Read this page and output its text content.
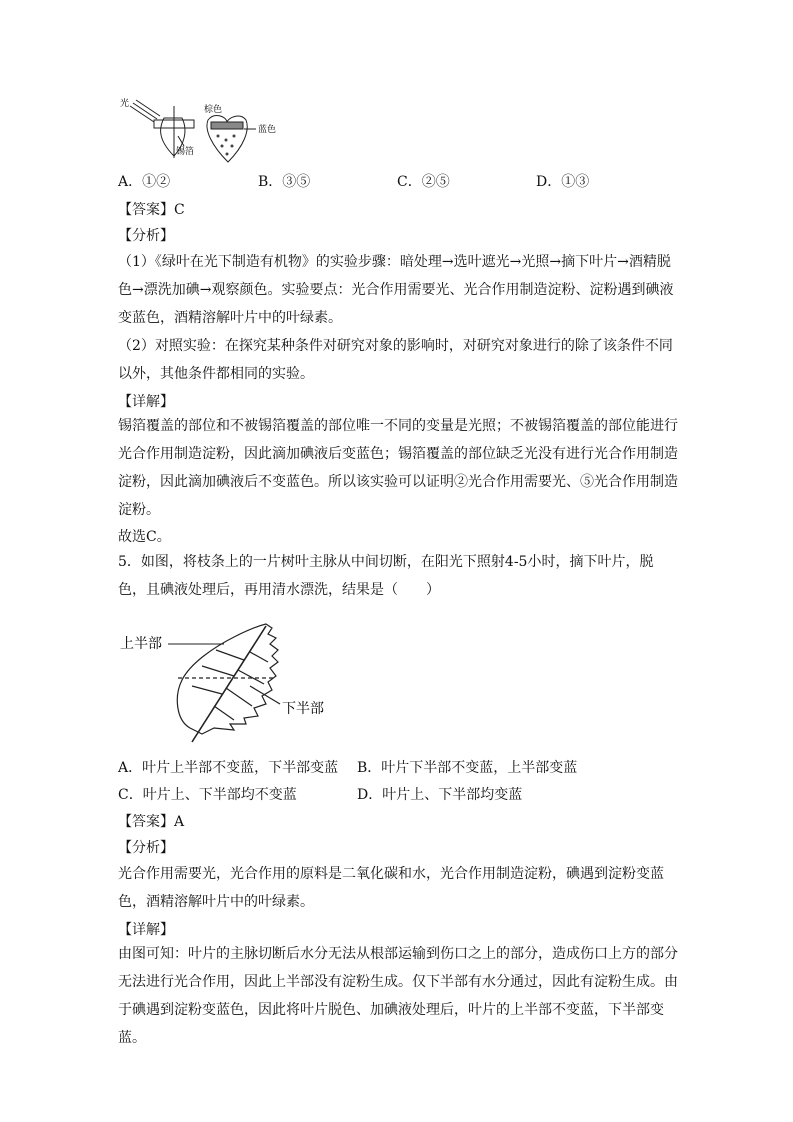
光
锡箔
棕色
蓝色
A．①②	B．③⑤	C．②⑤	D．①③
【答案】C
【分析】
（1）《绿叶在光下制造有机物》的实验步骤：暗处理→选叶遮光→光照→摘下叶片→酒精脱色→漂洗加碘→观察颜色。实验要点：光合作用需要光、光合作用制造淀粉、淀粉遇到碘液变蓝色，酒精溶解叶片中的叶绿素。
（2）对照实验：在探究某种条件对研究对象的影响时，对研究对象进行的除了该条件不同以外，其他条件都相同的实验。
【详解】
锡箔覆盖的部位和不被锡箔覆盖的部位唯一不同的变量是光照；不被锡箔覆盖的部位能进行光合作用制造淀粉，因此滴加碘液后变蓝色；锡箔覆盖的部位缺乏光没有进行光合作用制造淀粉，因此滴加碘液后不变蓝色。所以该实验可以证明②光合作用需要光、⑤光合作用制造淀粉。
故选C。
5．如图，将枝条上的一片树叶主脉从中间切断，在阳光下照射4-5小时，摘下叶片，脱色，且碘液处理后，再用清水漂洗，结果是（　　）
上半部
下半部
A．叶片上半部不变蓝，下半部变蓝 B．叶片下半部不变蓝，上半部变蓝
C．叶片上、下半部均不变蓝	D．叶片上、下半部均变蓝
【答案】A
【分析】
光合作用需要光，光合作用的原料是二氧化碳和水，光合作用制造淀粉，碘遇到淀粉变蓝色，酒精溶解叶片中的叶绿素。
【详解】
由图可知：叶片的主脉切断后水分无法从根部运输到伤口之上的部分，造成伤口上方的部分无法进行光合作用，因此上半部没有淀粉生成。仅下半部有水分通过，因此有淀粉生成。由于碘遇到淀粉变蓝色，因此将叶片脱色、加碘液处理后，叶片的上半部不变蓝，下半部变蓝。
